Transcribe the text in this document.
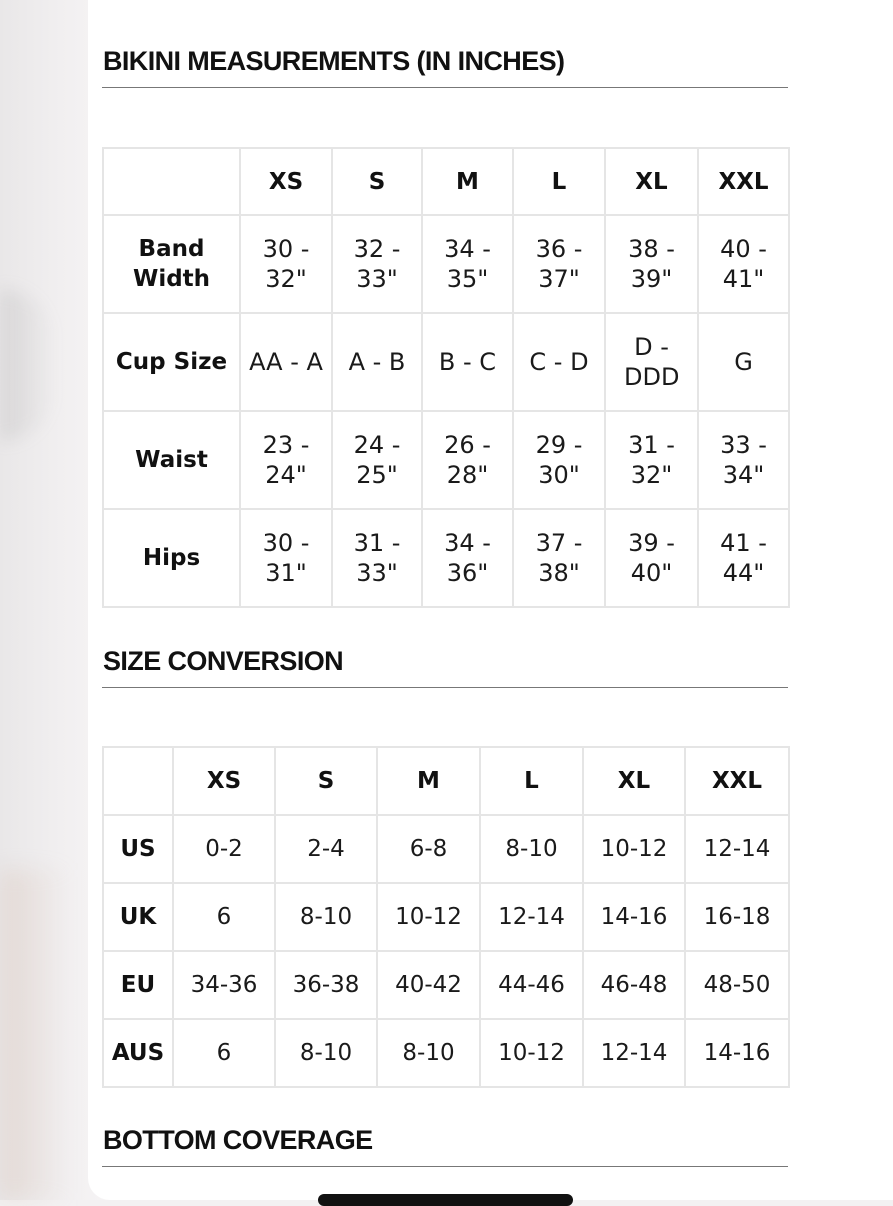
BIKINI MEASUREMENTS (IN INCHES)
	XS	S	M	L	XL	XXL
Band Width	30 - 32"	32 - 33"	34 - 35"	36 - 37"	38 - 39"	40 - 41"
Cup Size	AA - A	A - B	B - C	C - D	D - DDD	G
Waist	23 - 24"	24 - 25"	26 - 28"	29 - 30"	31 - 32"	33 - 34"
Hips	30 - 31"	31 - 33"	34 - 36"	37 - 38"	39 - 40"	41 - 44"
SIZE CONVERSION
	XS	S	M	L	XL	XXL
US	0-2	2-4	6-8	8-10	10-12	12-14
UK	6	8-10	10-12	12-14	14-16	16-18
EU	34-36	36-38	40-42	44-46	46-48	48-50
AUS	6	8-10	8-10	10-12	12-14	14-16
BOTTOM COVERAGE
